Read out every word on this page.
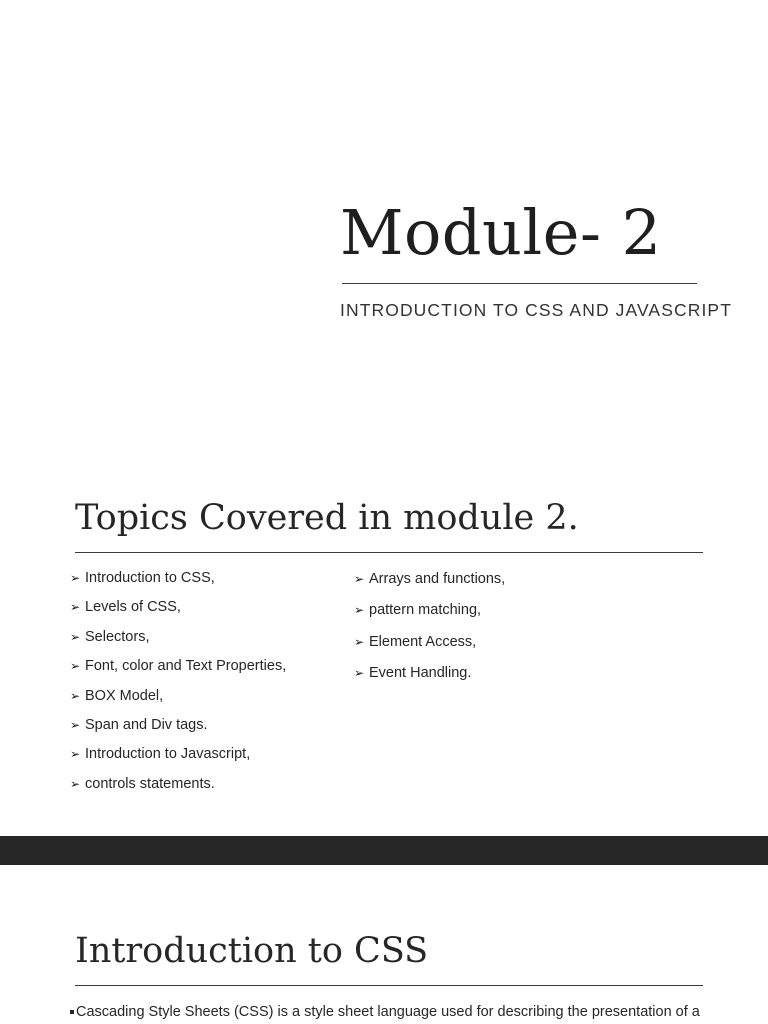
Module- 2

INTRODUCTION TO CSS AND JAVASCRIPT

Topics Covered in module 2.
➢ Introduction to CSS,
➢ Levels of CSS,
➢ Selectors,
➢ Font, color and Text Properties,
➢ BOX Model,
➢ Span and Div tags.
➢ Introduction to Javascript,
➢ controls statements.
➢ Arrays and functions,
➢ pattern matching,
➢ Element Access,
➢ Event Handling.
Introduction to CSS

Cascading Style Sheets (CSS) is a style sheet language used for describing the presentation of a
